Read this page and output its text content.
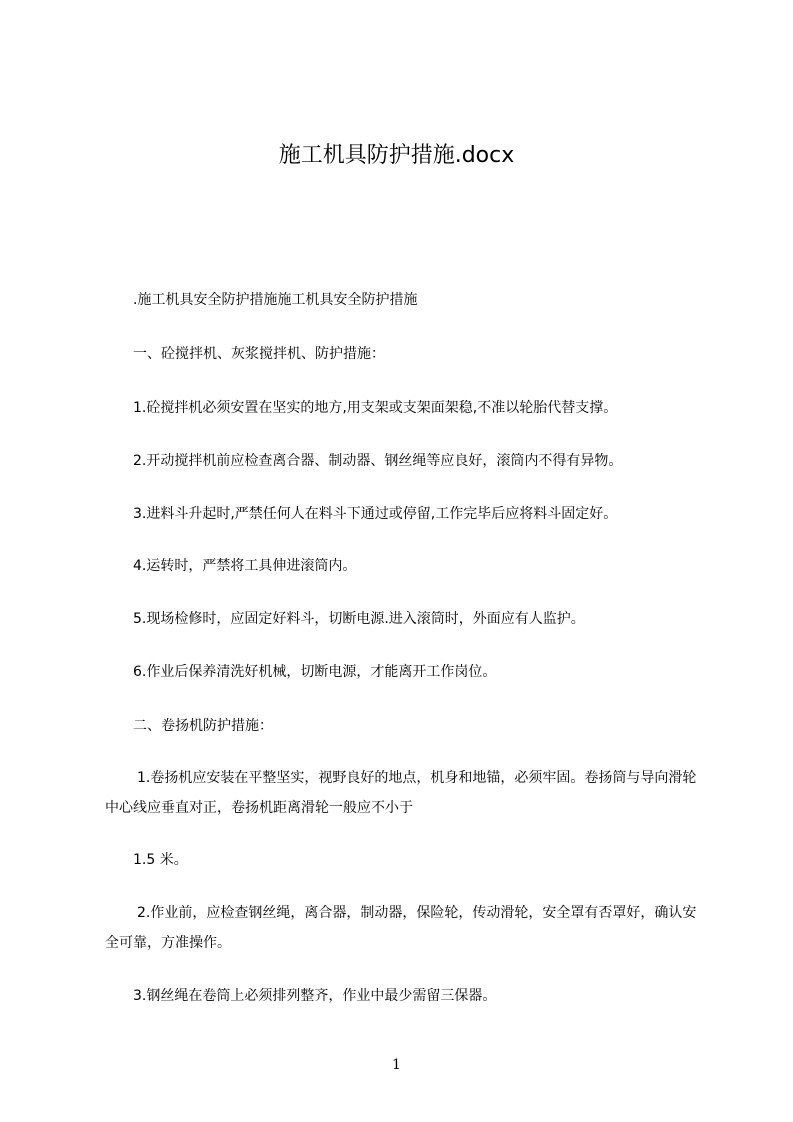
施工机具防护措施.docx

.施工机具安全防护措施施工机具安全防护措施

一、砼搅拌机、灰浆搅拌机、防护措施：

1.砼搅拌机必须安置在坚实的地方,用支架或支架面架稳,不准以轮胎代替支撑。

2.开动搅拌机前应检查离合器、制动器、钢丝绳等应良好，滚筒内不得有异物。

3.进料斗升起时,严禁任何人在料斗下通过或停留,工作完毕后应将料斗固定好。

4.运转时，严禁将工具伸进滚筒内。

5.现场检修时，应固定好料斗，切断电源.进入滚筒时，外面应有人监护。

6.作业后保养清洗好机械，切断电源，才能离开工作岗位。

二、卷扬机防护措施：

1.卷扬机应安装在平整坚实，视野良好的地点，机身和地锚，必须牢固。卷扬筒与导向滑轮中心线应垂直对正，卷扬机距离滑轮一般应不小于

1.5 米。

2.作业前，应检查钢丝绳，离合器，制动器，保险轮，传动滑轮，安全罩有否罩好，确认安全可靠，方准操作。

3.钢丝绳在卷筒上必须排列整齐，作业中最少需留三保器。

1
